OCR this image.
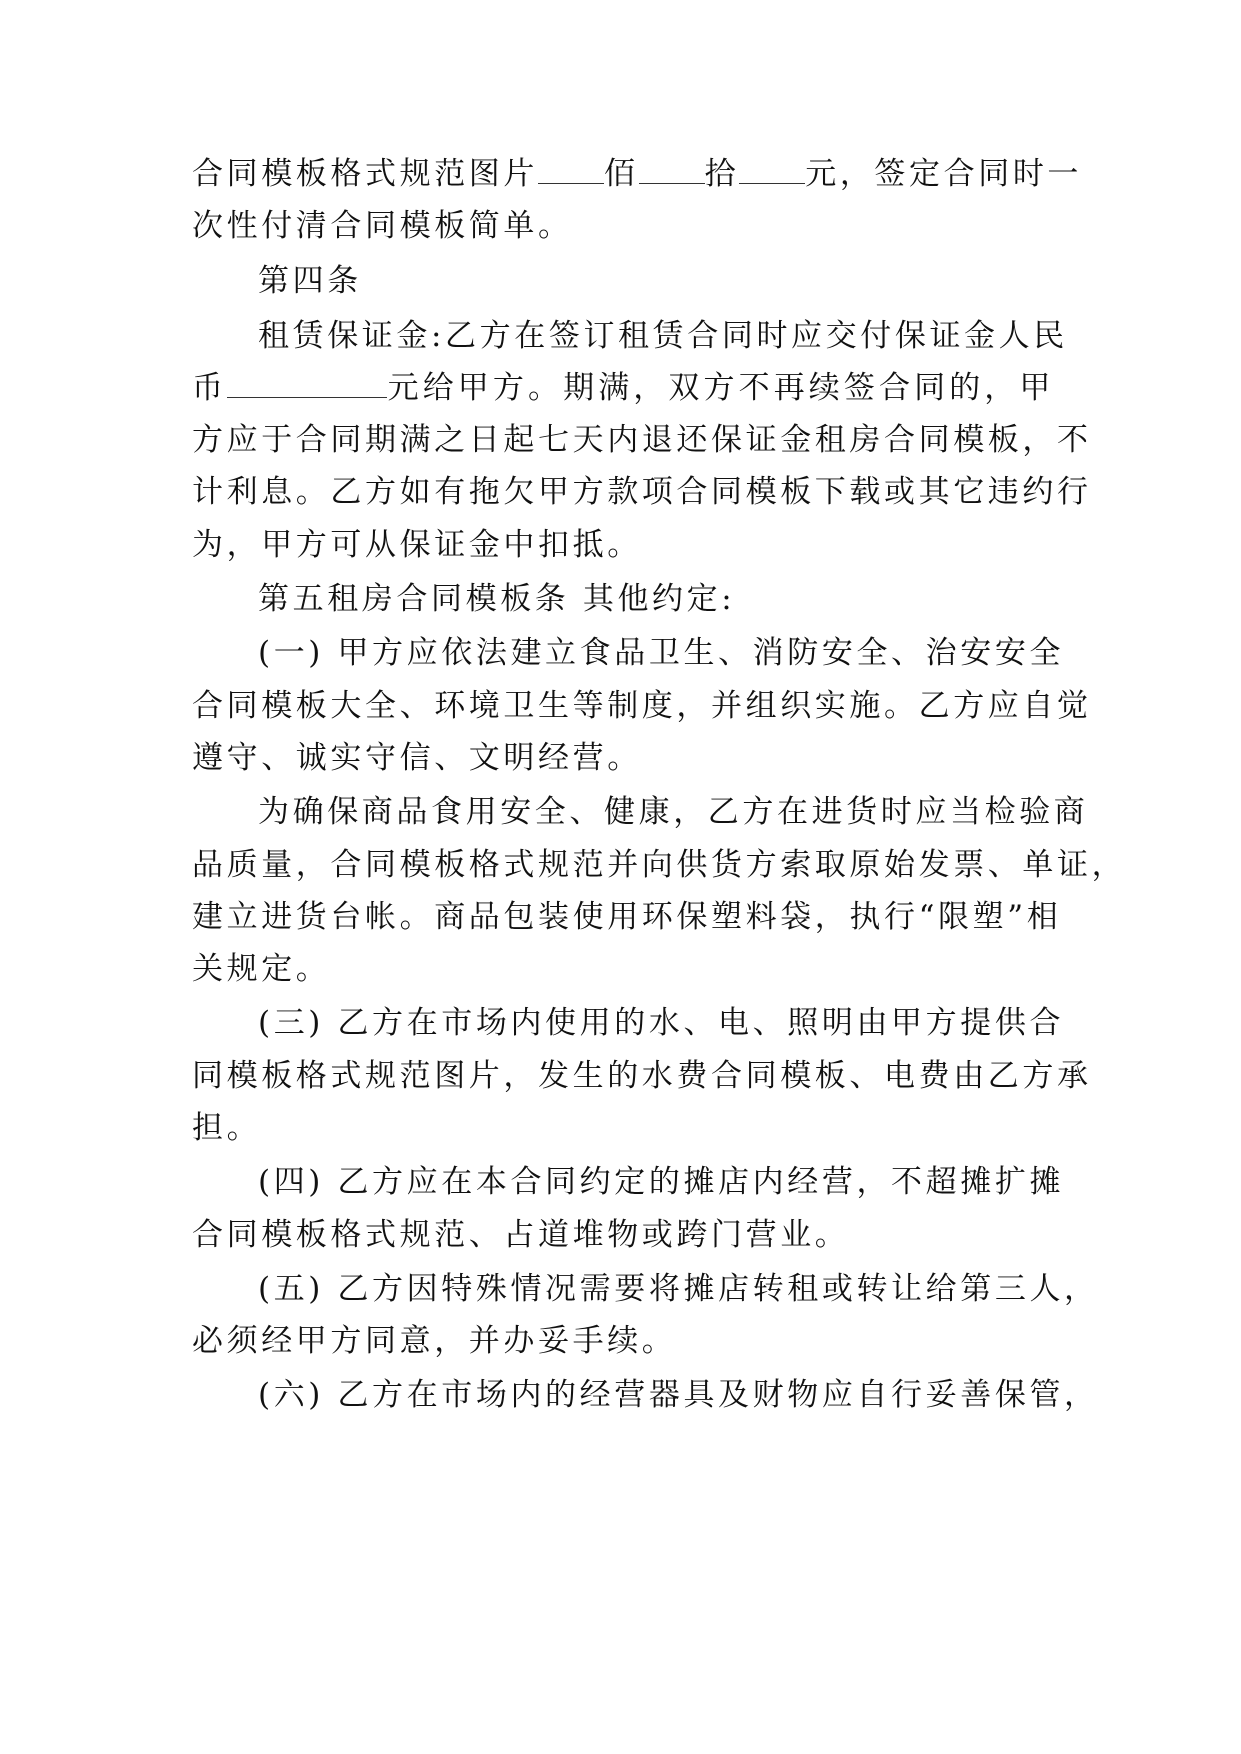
合同模板格式规范图片 佰 拾 元，签定合同时一
次性付清合同模板简单。
第四条
租赁保证金:乙方在签订租赁合同时应交付保证金人民
币	元给甲方。期满，双方不再续签合同的，甲
方应于合同期满之日起七天内退还保证金租房合同模板，不
计利息。乙方如有拖欠甲方款项合同模板下载或其它违约行
为，甲方可从保证金中扣抵。
第五租房合同模板条 其他约定:
(一) 甲方应依法建立食品卫生、消防安全、治安安全
合同模板大全、环境卫生等制度，并组织实施。乙方应自觉
遵守、诚实守信、文明经营。
为确保商品食用安全、健康，乙方在进货时应当检验商
品质量，合同模板格式规范并向供货方索取原始发票、单证，
建立进货台帐。商品包装使用环保塑料袋，执行“限塑”相
关规定。
(三) 乙方在市场内使用的水、电、照明由甲方提供合
同模板格式规范图片，发生的水费合同模板、电费由乙方承
担。
(四) 乙方应在本合同约定的摊店内经营，不超摊扩摊
合同模板格式规范、占道堆物或跨门营业。
(五) 乙方因特殊情况需要将摊店转租或转让给第三人，
必须经甲方同意，并办妥手续。
(六) 乙方在市场内的经营器具及财物应自行妥善保管，
